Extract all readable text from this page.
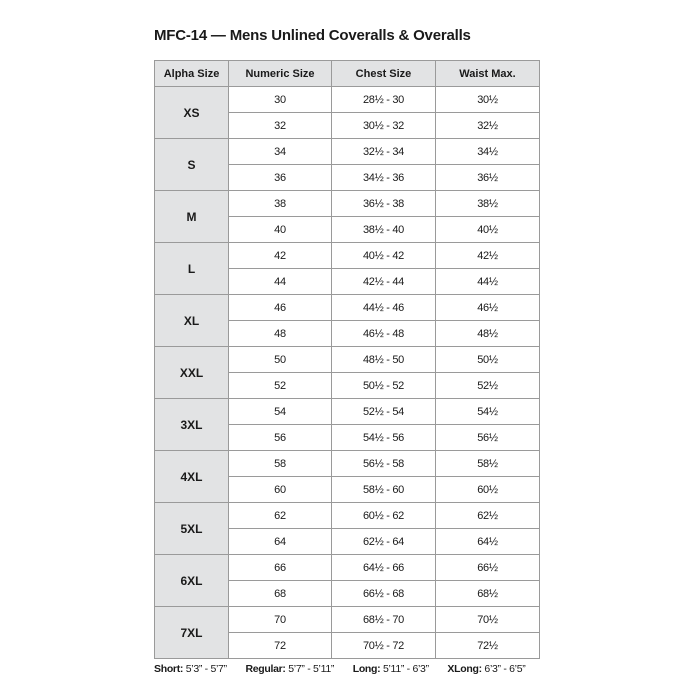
MFC-14 — Mens Unlined Coveralls & Overalls
Alpha Size	Numeric Size	Chest Size	Waist Max.
XS	30	28½ - 30	30½
	32	30½ - 32	32½
S	34	32½ - 34	34½
	36	34½ - 36	36½
M	38	36½ - 38	38½
	40	38½ - 40	40½
L	42	40½ - 42	42½
	44	42½ - 44	44½
XL	46	44½ - 46	46½
	48	46½ - 48	48½
XXL	50	48½ - 50	50½
	52	50½ - 52	52½
3XL	54	52½ - 54	54½
	56	54½ - 56	56½
4XL	58	56½ - 58	58½
	60	58½ - 60	60½
5XL	62	60½ - 62	62½
	64	62½ - 64	64½
6XL	66	64½ - 66	66½
	68	66½ - 68	68½
7XL	70	68½ - 70	70½
	72	70½ - 72	72½
Short: 5’3” - 5’7” Regular: 5’7” - 5’11” Long: 5’11” - 6’3” XLong: 6’3” - 6’5”
